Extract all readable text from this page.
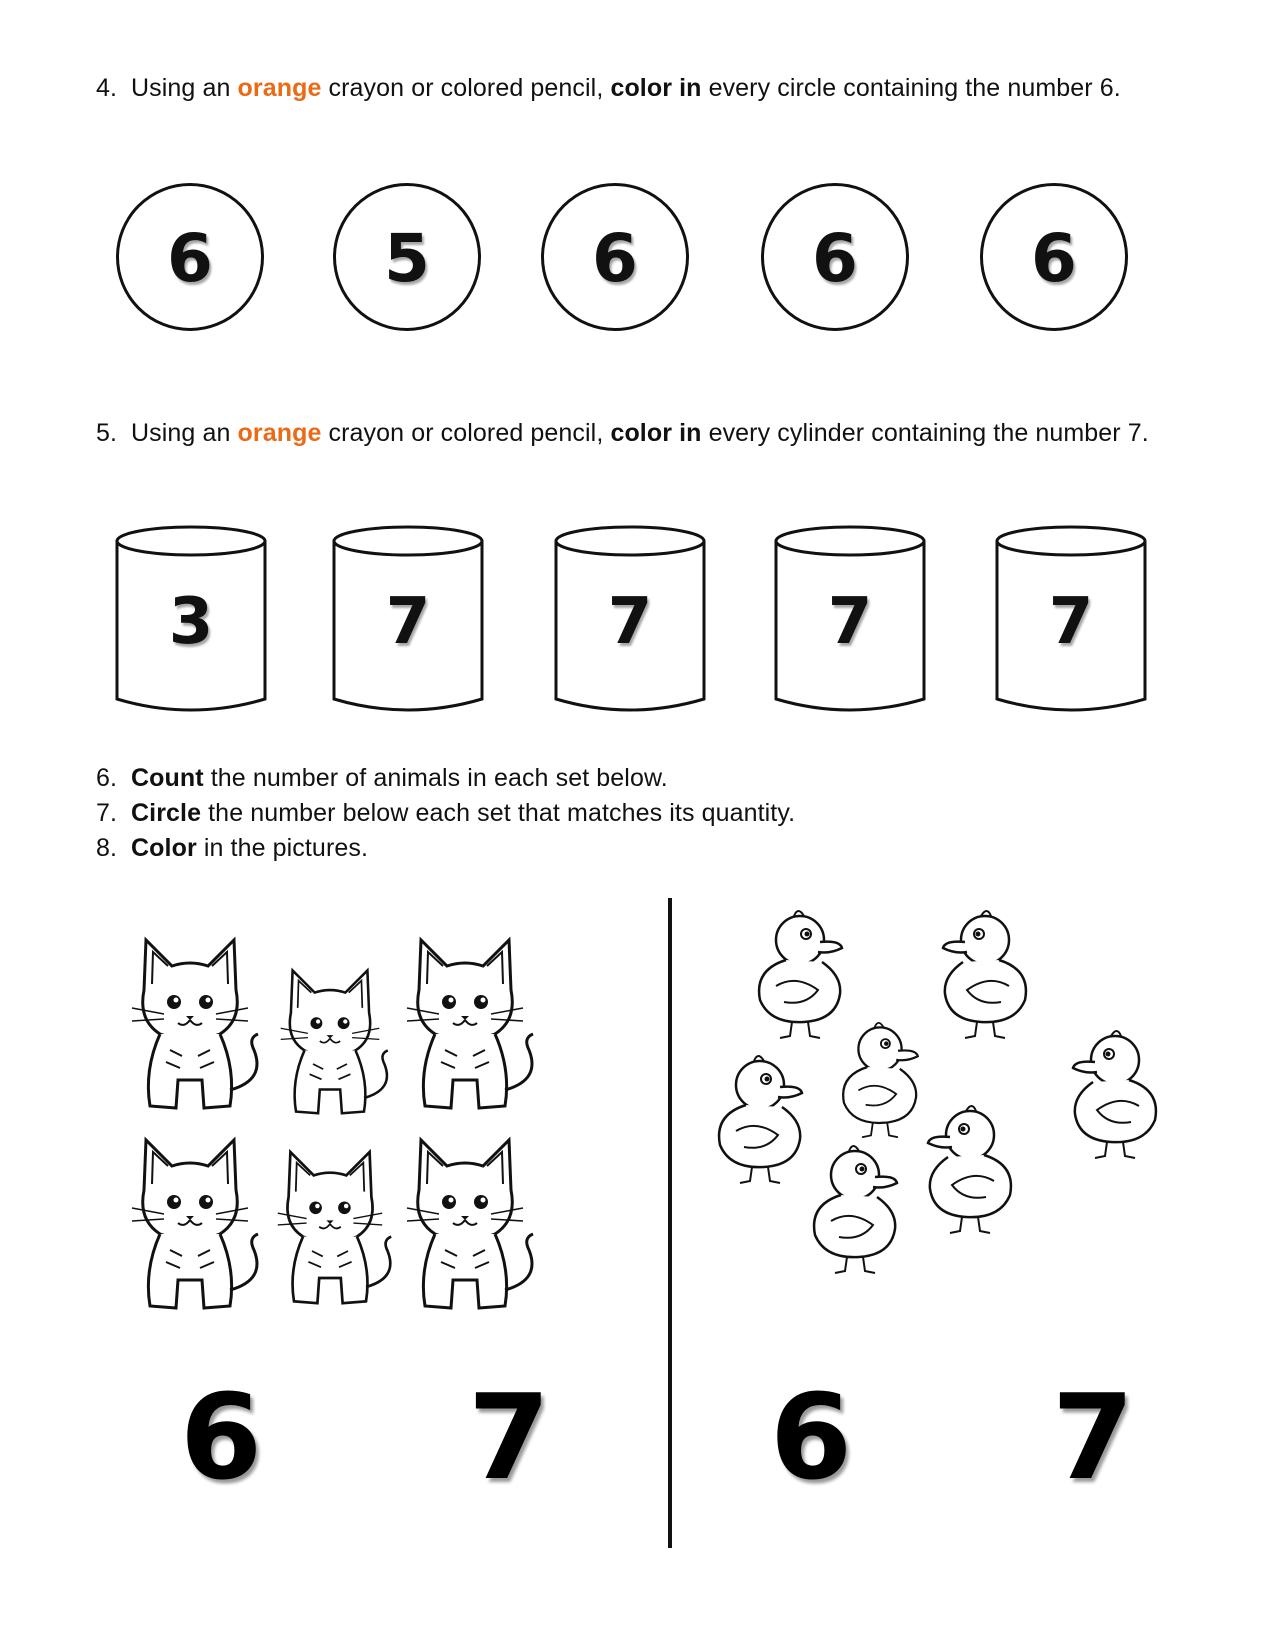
4. Using an orange crayon or colored pencil, color in every circle containing the number 6.
6	5	6	6	6
5. Using an orange crayon or colored pencil, color in every cylinder containing the number 7.
3	7	7	7	7
6. Count the number of animals in each set below.
7. Circle the number below each set that matches its quantity.
8. Color in the pictures.
6 7 6 7
